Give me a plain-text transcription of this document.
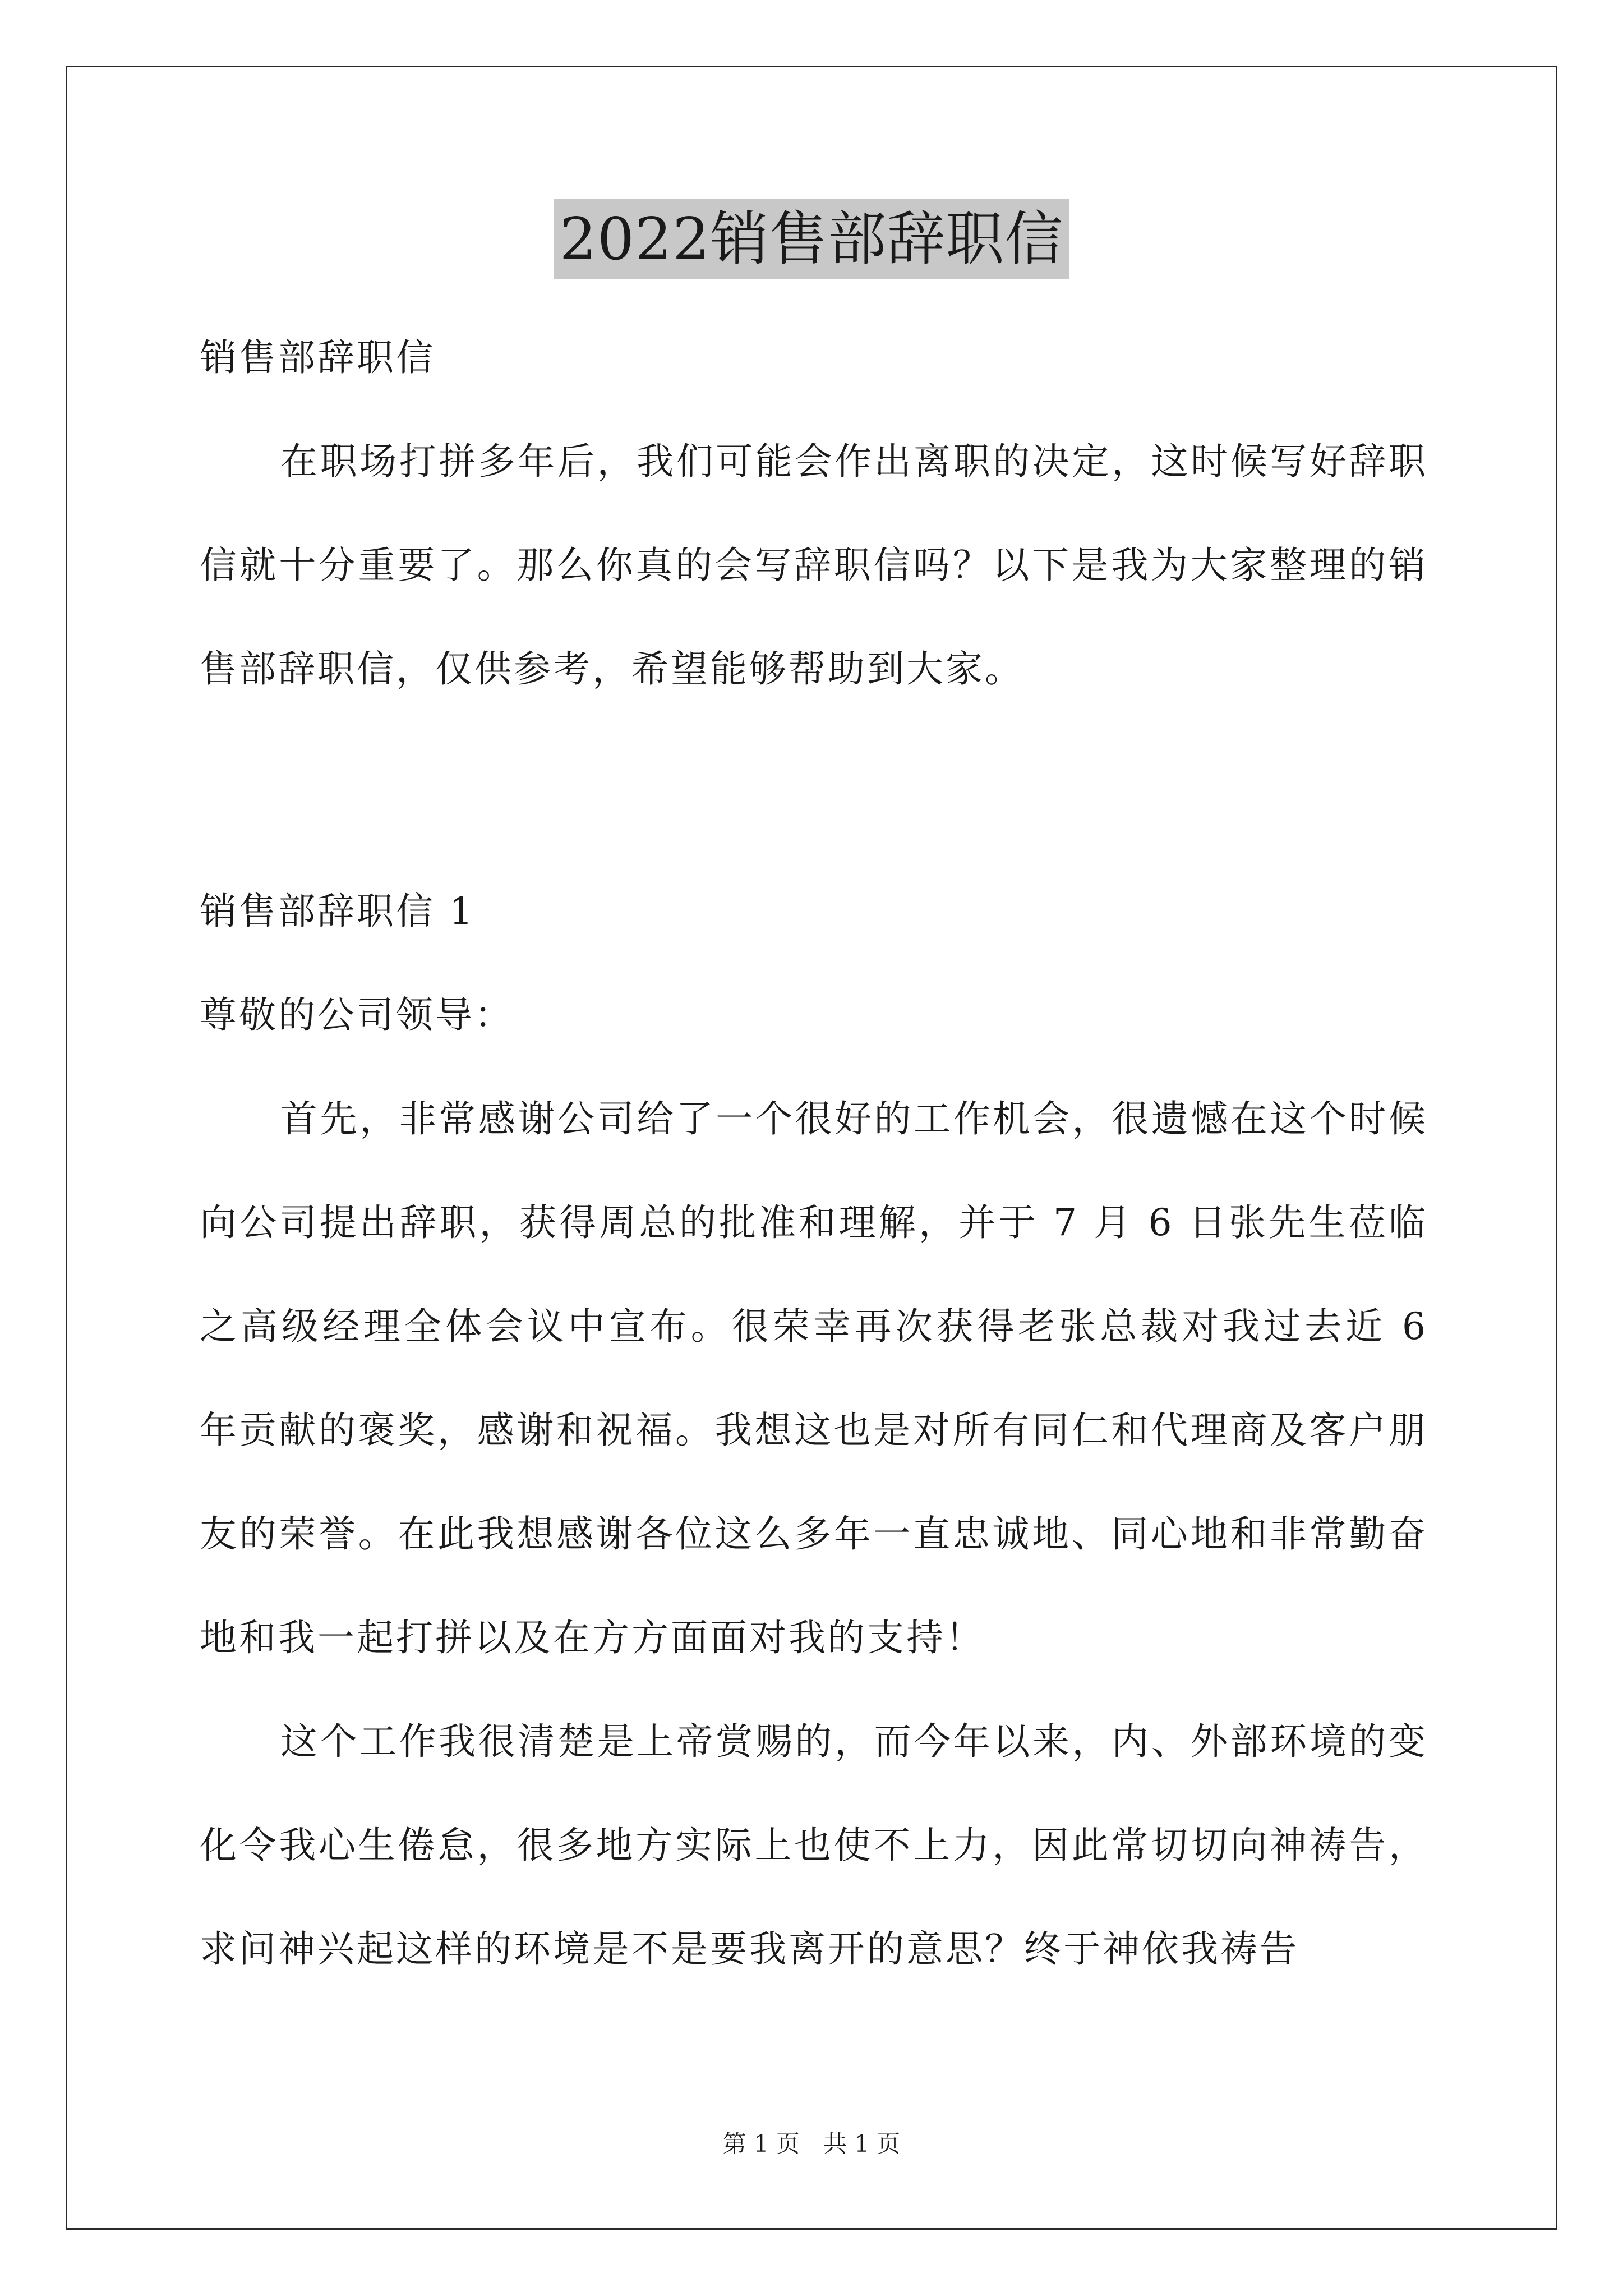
2022销售部辞职信

销售部辞职信

在职场打拼多年后，我们可能会作出离职的决定，这时候写好辞职信就十分重要了。那么你真的会写辞职信吗？以下是我为大家整理的销售部辞职信，仅供参考，希望能够帮助到大家。

销售部辞职信 1

尊敬的公司领导：

首先，非常感谢公司给了一个很好的工作机会，很遗憾在这个时候向公司提出辞职，获得周总的批准和理解，并于 7 月 6 日张先生莅临之高级经理全体会议中宣布。很荣幸再次获得老张总裁对我过去近 6 年贡献的褒奖，感谢和祝福。我想这也是对所有同仁和代理商及客户朋友的荣誉。在此我想感谢各位这么多年一直忠诚地、同心地和非常勤奋地和我一起打拼以及在方方面面对我的支持！

这个工作我很清楚是上帝赏赐的，而今年以来，内、外部环境的变化令我心生倦怠，很多地方实际上也使不上力，因此常切切向神祷告，求问神兴起这样的环境是不是要我离开的意思？终于神依我祷告

第 1 页　共 1 页
